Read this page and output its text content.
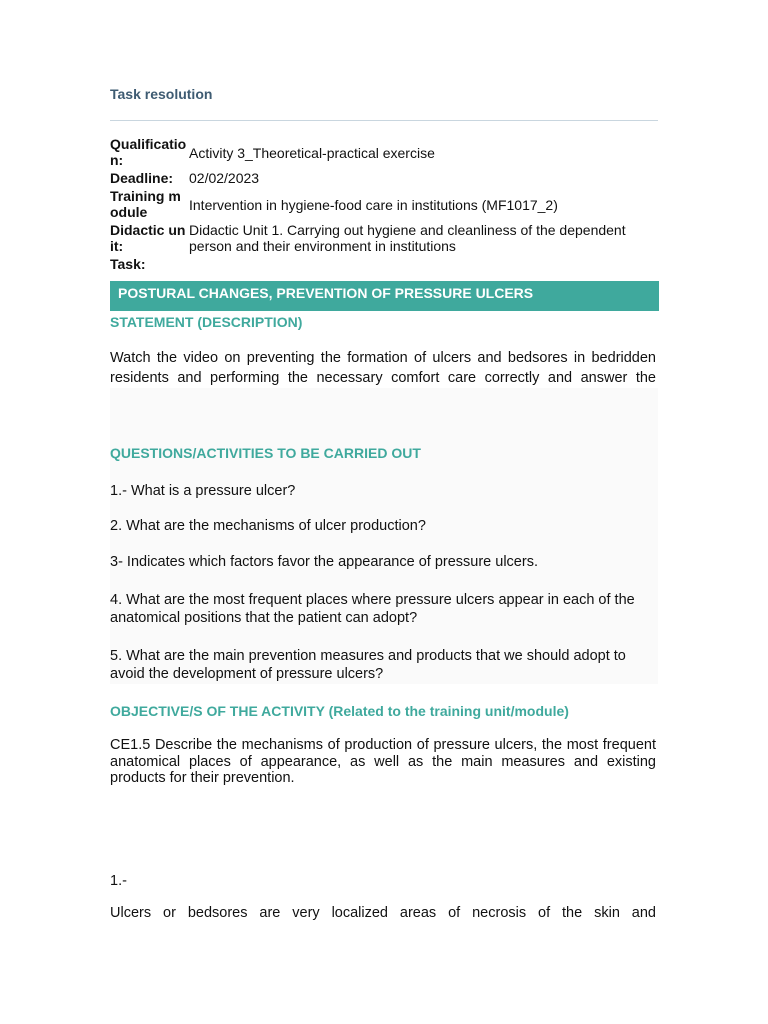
Task resolution
Qualification:	Activity 3_Theoretical-practical exercise
Deadline:	02/02/2023
Training module	Intervention in hygiene-food care in institutions (MF1017_2)
Didactic unit:
Didactic Unit 1. Carrying out hygiene and cleanliness of the dependent person and their environment in institutions
Task:
POSTURAL CHANGES, PREVENTION OF PRESSURE ULCERS
STATEMENT (DESCRIPTION)
Watch the video on preventing the formation of ulcers and bedsores in bedridden residents and performing the necessary comfort care correctly and answer the
QUESTIONS/ACTIVITIES TO BE CARRIED OUT
1.- What is a pressure ulcer?
2. What are the mechanisms of ulcer production?
3- Indicates which factors favor the appearance of pressure ulcers.
4. What are the most frequent places where pressure ulcers appear in each of the anatomical positions that the patient can adopt?
5. What are the main prevention measures and products that we should adopt to avoid the development of pressure ulcers?
OBJECTIVE/S OF THE ACTIVITY (Related to the training unit/module)
CE1.5 Describe the mechanisms of production of pressure ulcers, the most frequent anatomical places of appearance, as well as the main measures and existing products for their prevention.
1.-
Ulcers or bedsores are very localized areas of necrosis of the skin and
